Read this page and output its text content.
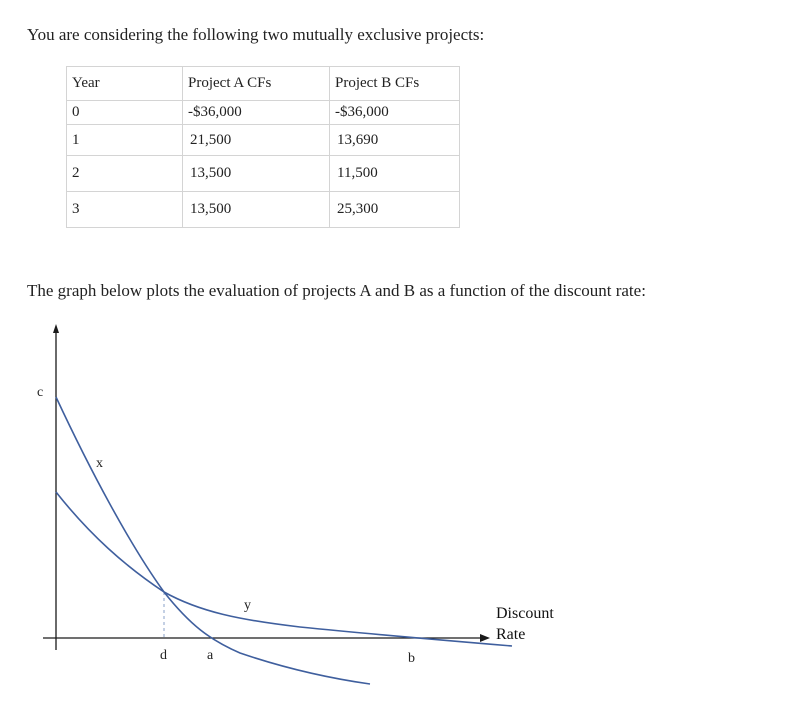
You are considering the following two mutually exclusive projects:

Year	Project A CFs	Project B CFs
0	-$36,000	-$36,000
1	21,500	13,690
2	13,500	11,500
3	13,500	25,300

The graph below plots the evaluation of projects A and B as a function of the discount rate:

c
x
y
d	a	b
Discount
Rate
